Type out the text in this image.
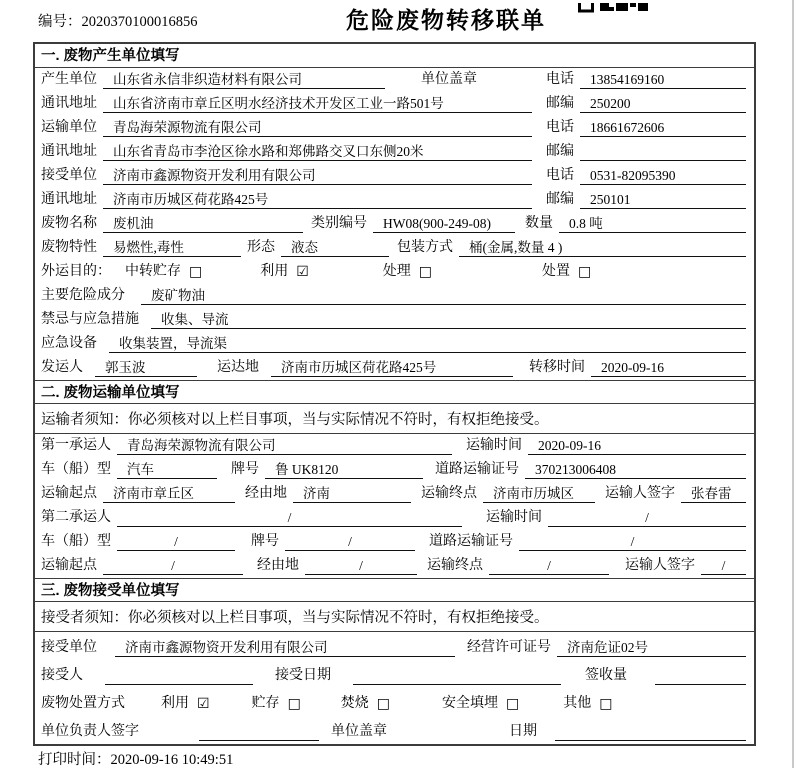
编号：2020370100016856	危险废物转移联单
一. 废物产生单位填写
产生单位	山东省永信非织造材料有限公司	单位盖章	电话	13854169160
通讯地址	山东省济南市章丘区明水经济技术开发区工业一路501号	邮编	250200
运输单位	青岛海荣源物流有限公司	电话	18661672606
通讯地址	山东省青岛市李沧区徐水路和郑佛路交叉口东侧20米	邮编
接受单位	济南市鑫源物资开发利用有限公司	电话	0531-82095390
通讯地址	济南市历城区荷花路425号	邮编	250101
废物名称	废机油	类别编号	HW08(900-249-08)	数量	0.8 吨
废物特性	易燃性,毒性	形态	液态	包装方式	桶(金属,数量 4 )
外运目的： 中转贮存 □	利用 ☑	处理 □	处置 □
主要危险成分	废矿物油
禁忌与应急措施	收集、导流
应急设备	收集装置，导流渠
发运人	郭玉波	运达地	济南市历城区荷花路425号	转移时间	2020-09-16
二. 废物运输单位填写
运输者须知：你必须核对以上栏目事项，当与实际情况不符时，有权拒绝接受。
第一承运人	青岛海荣源物流有限公司	运输时间	2020-09-16
车（船）型	汽车	牌号	鲁 UK8120	道路运输证号	370213006408
运输起点	济南市章丘区	经由地	济南	运输终点	济南市历城区	运输人签字	张春雷
第二承运人	/	运输时间	/
车（船）型	/	牌号	/	道路运输证号	/
运输起点	/	经由地	/	运输终点	/	运输人签字	/
三. 废物接受单位填写
接受者须知：你必须核对以上栏目事项，当与实际情况不符时，有权拒绝接受。
接受单位	济南市鑫源物资开发利用有限公司	经营许可证号	济南危证02号
接受人	接受日期	签收量
废物处置方式	利用 ☑	贮存 □	焚烧 □	安全填埋 □	其他 □
单位负责人签字	单位盖章	日期
打印时间：2020-09-16 10:49:51
